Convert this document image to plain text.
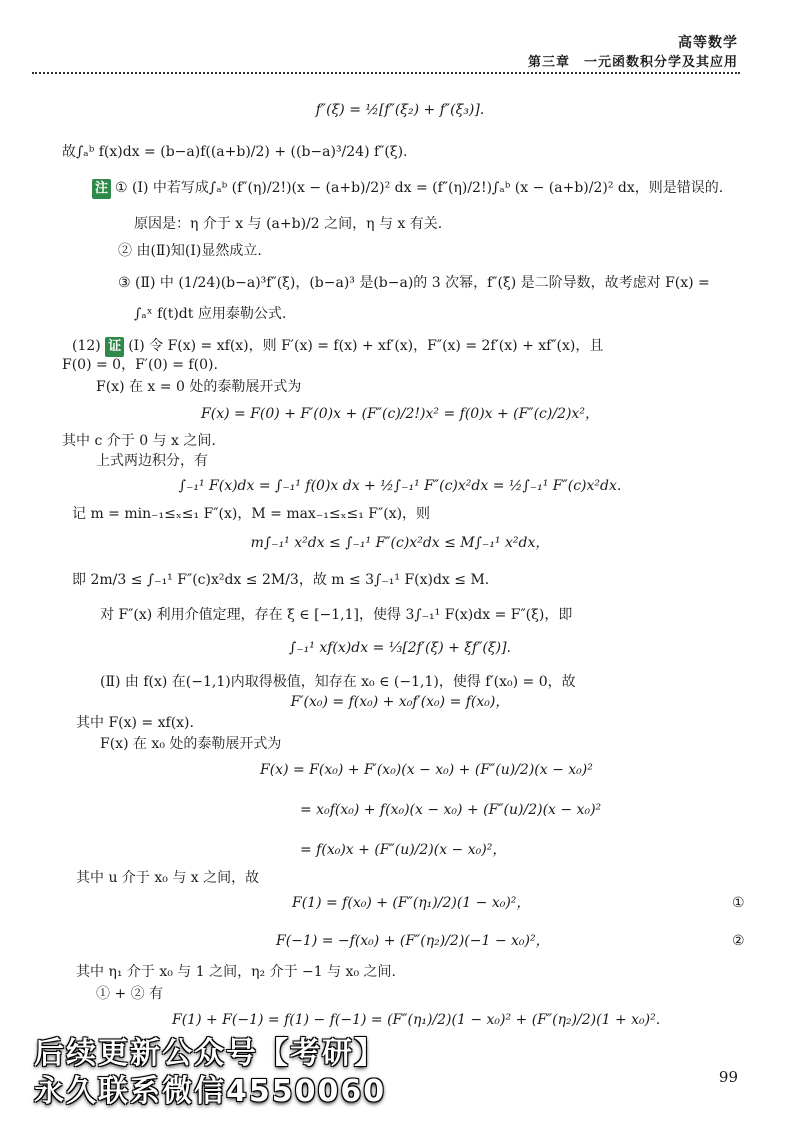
高等数学
第三章　一元函数积分学及其应用
f″(ξ) = ½[f″(ξ₂) + f″(ξ₃)].
故∫ₐᵇ f(x)dx = (b−a)f((a+b)/2) + ((b−a)³/24) f″(ξ).
注 ① (Ⅰ) 中若写成∫ₐᵇ (f″(η)/2!)(x − (a+b)/2)² dx = (f″(η)/2!)∫ₐᵇ (x − (a+b)/2)² dx，则是错误的.
原因是：η 介于 x 与 (a+b)/2 之间，η 与 x 有关.
② 由(Ⅱ)知(Ⅰ)显然成立.
③ (Ⅱ) 中 (1/24)(b−a)³f″(ξ)，(b−a)³ 是(b−a)的 3 次幂，f″(ξ) 是二阶导数，故考虑对 F(x) =
∫ₐˣ f(t)dt 应用泰勒公式.
(12) 证 (Ⅰ) 令 F(x) = xf(x)，则 F′(x) = f(x) + xf′(x)，F″(x) = 2f′(x) + xf″(x)，且
F(0) = 0，F′(0) = f(0).
F(x) 在 x = 0 处的泰勒展开式为
F(x) = F(0) + F′(0)x + (F″(c)/2!)x² = f(0)x + (F″(c)/2)x²，
其中 c 介于 0 与 x 之间.
上式两边积分，有
∫₋₁¹ F(x)dx = ∫₋₁¹ f(0)x dx + ½∫₋₁¹ F″(c)x²dx = ½∫₋₁¹ F″(c)x²dx.
记 m = min₋₁≤ₓ≤₁ F″(x)，M = max₋₁≤ₓ≤₁ F″(x)，则
m∫₋₁¹ x²dx ≤ ∫₋₁¹ F″(c)x²dx ≤ M∫₋₁¹ x²dx，
即 2m/3 ≤ ∫₋₁¹ F″(c)x²dx ≤ 2M/3，故 m ≤ 3∫₋₁¹ F(x)dx ≤ M.
对 F″(x) 利用介值定理，存在 ξ ∈ [−1,1]，使得 3∫₋₁¹ F(x)dx = F″(ξ)，即
∫₋₁¹ xf(x)dx = ⅓[2f′(ξ) + ξf″(ξ)].
(Ⅱ) 由 f(x) 在(−1,1)内取得极值，知存在 x₀ ∈ (−1,1)，使得 f′(x₀) = 0，故
F′(x₀) = f(x₀) + x₀f′(x₀) = f(x₀)，
其中 F(x) = xf(x).
F(x) 在 x₀ 处的泰勒展开式为
F(x) = F(x₀) + F′(x₀)(x − x₀) + (F″(u)/2)(x − x₀)²
= x₀f(x₀) + f(x₀)(x − x₀) + (F″(u)/2)(x − x₀)²
= f(x₀)x + (F″(u)/2)(x − x₀)²，
其中 u 介于 x₀ 与 x 之间，故
F(1) = f(x₀) + (F″(η₁)/2)(1 − x₀)²，	①
F(−1) = −f(x₀) + (F″(η₂)/2)(−1 − x₀)²，	②
其中 η₁ 介于 x₀ 与 1 之间，η₂ 介于 −1 与 x₀ 之间.
① + ② 有
F(1) + F(−1) = f(1) − f(−1) = (F″(η₁)/2)(1 − x₀)² + (F″(η₂)/2)(1 + x₀)².
后续更新公众号【考研】
永久联系微信4550060	99
